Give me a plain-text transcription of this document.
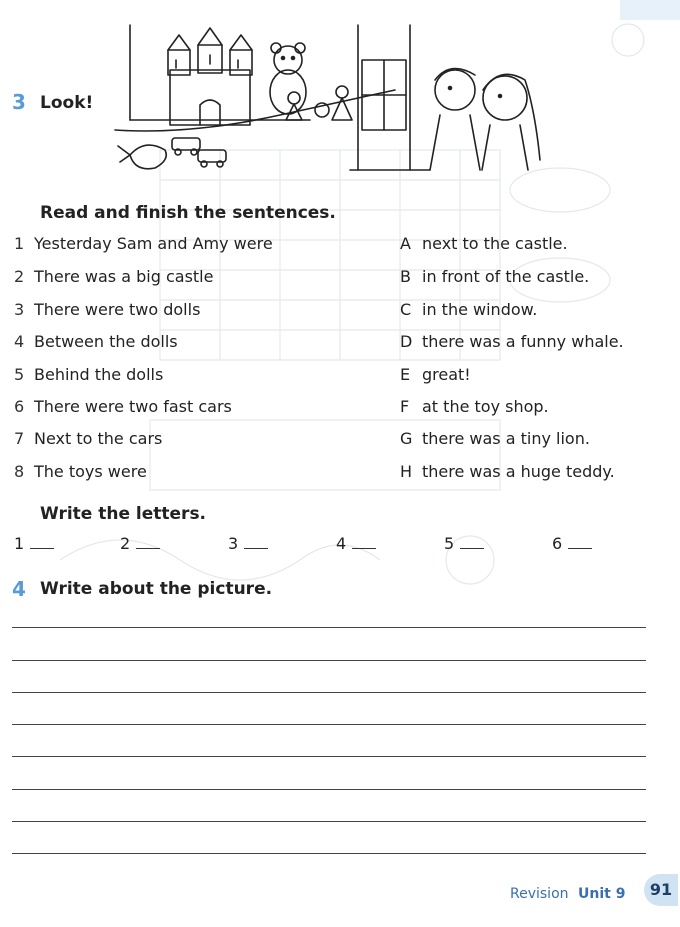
3 Look!
Read and finish the sentences.
1 Yesterday Sam and Amy were
2 There was a big castle
3 There were two dolls
4 Between the dolls
5 Behind the dolls
6 There were two fast cars
7 Next to the cars
8 The toys were
A next to the castle.
B in front of the castle.
C in the window.
D there was a funny whale.
E great!
F at the toy shop.
G there was a tiny lion.
H there was a huge teddy.
Write the letters.
1	2	3	4	5	6
4 Write about the picture.
Revision Unit 9	91
